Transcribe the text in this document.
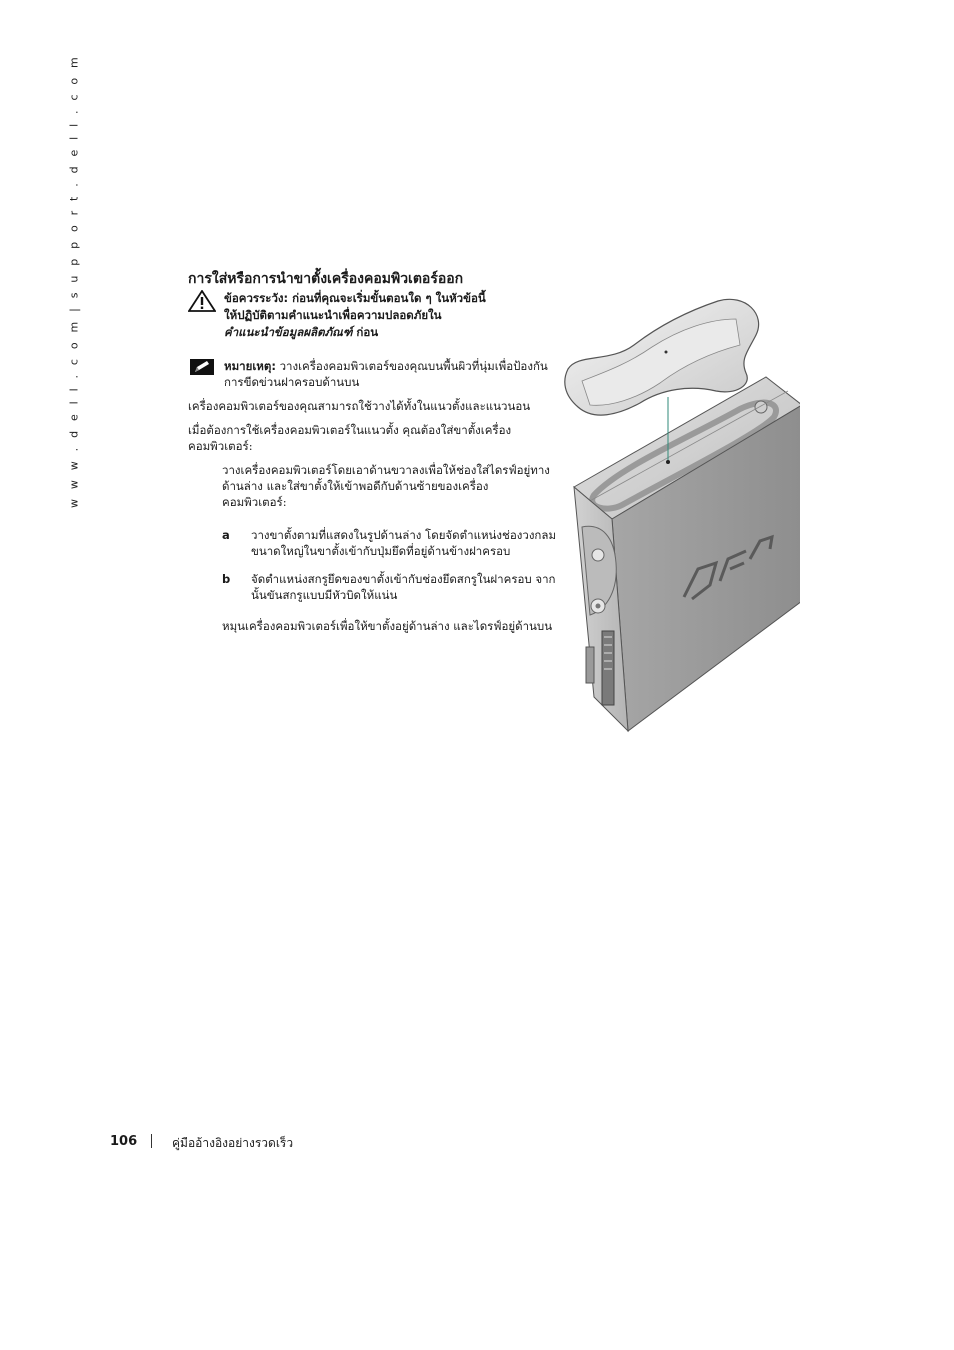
w w w . d e l l . c o m | s u p p o r t . d e l l . c o m	การใส่หรือการนำขาตั้งเครื่องคอมพิวเตอร์ออก
ข้อควรระวัง: ก่อนที่คุณจะเริ่มขั้นตอนใด ๆ ในหัวข้อนี้
ให้ปฏิบัติตามคำแนะนำเพื่อความปลอดภัยใน
คำแนะนำข้อมูลผลิตภัณฑ์ ก่อน
หมายเหตุ: วางเครื่องคอมพิวเตอร์ของคุณบนพื้นผิวที่นุ่มเพื่อป้องกันการขีดข่วนฝาครอบด้านบน

เครื่องคอมพิวเตอร์ของคุณสามารถใช้วางได้ทั้งในแนวตั้งและแนวนอน

เมื่อต้องการใช้เครื่องคอมพิวเตอร์ในแนวตั้ง คุณต้องใส่ขาตั้งเครื่องคอมพิวเตอร์:

วางเครื่องคอมพิวเตอร์โดยเอาด้านขวาลงเพื่อให้ช่องใส่ไดรฟ์อยู่ทางด้านล่าง และใส่ขาตั้งให้เข้าพอดีกับด้านซ้ายของเครื่องคอมพิวเตอร์:

a วางขาตั้งตามที่แสดงในรูปด้านล่าง โดยจัดตำแหน่งช่องวงกลมขนาดใหญ่ในขาตั้งเข้ากับปุ่มยึดที่อยู่ด้านข้างฝาครอบ
b จัดตำแหน่งสกรูยึดของขาตั้งเข้ากับช่องยึดสกรูในฝาครอบ จากนั้นขันสกรูแบบมีหัวบิดให้แน่น

หมุนเครื่องคอมพิวเตอร์เพื่อให้ขาตั้งอยู่ด้านล่าง และไดรฟ์อยู่ด้านบน

106	คู่มืออ้างอิงอย่างรวดเร็ว
